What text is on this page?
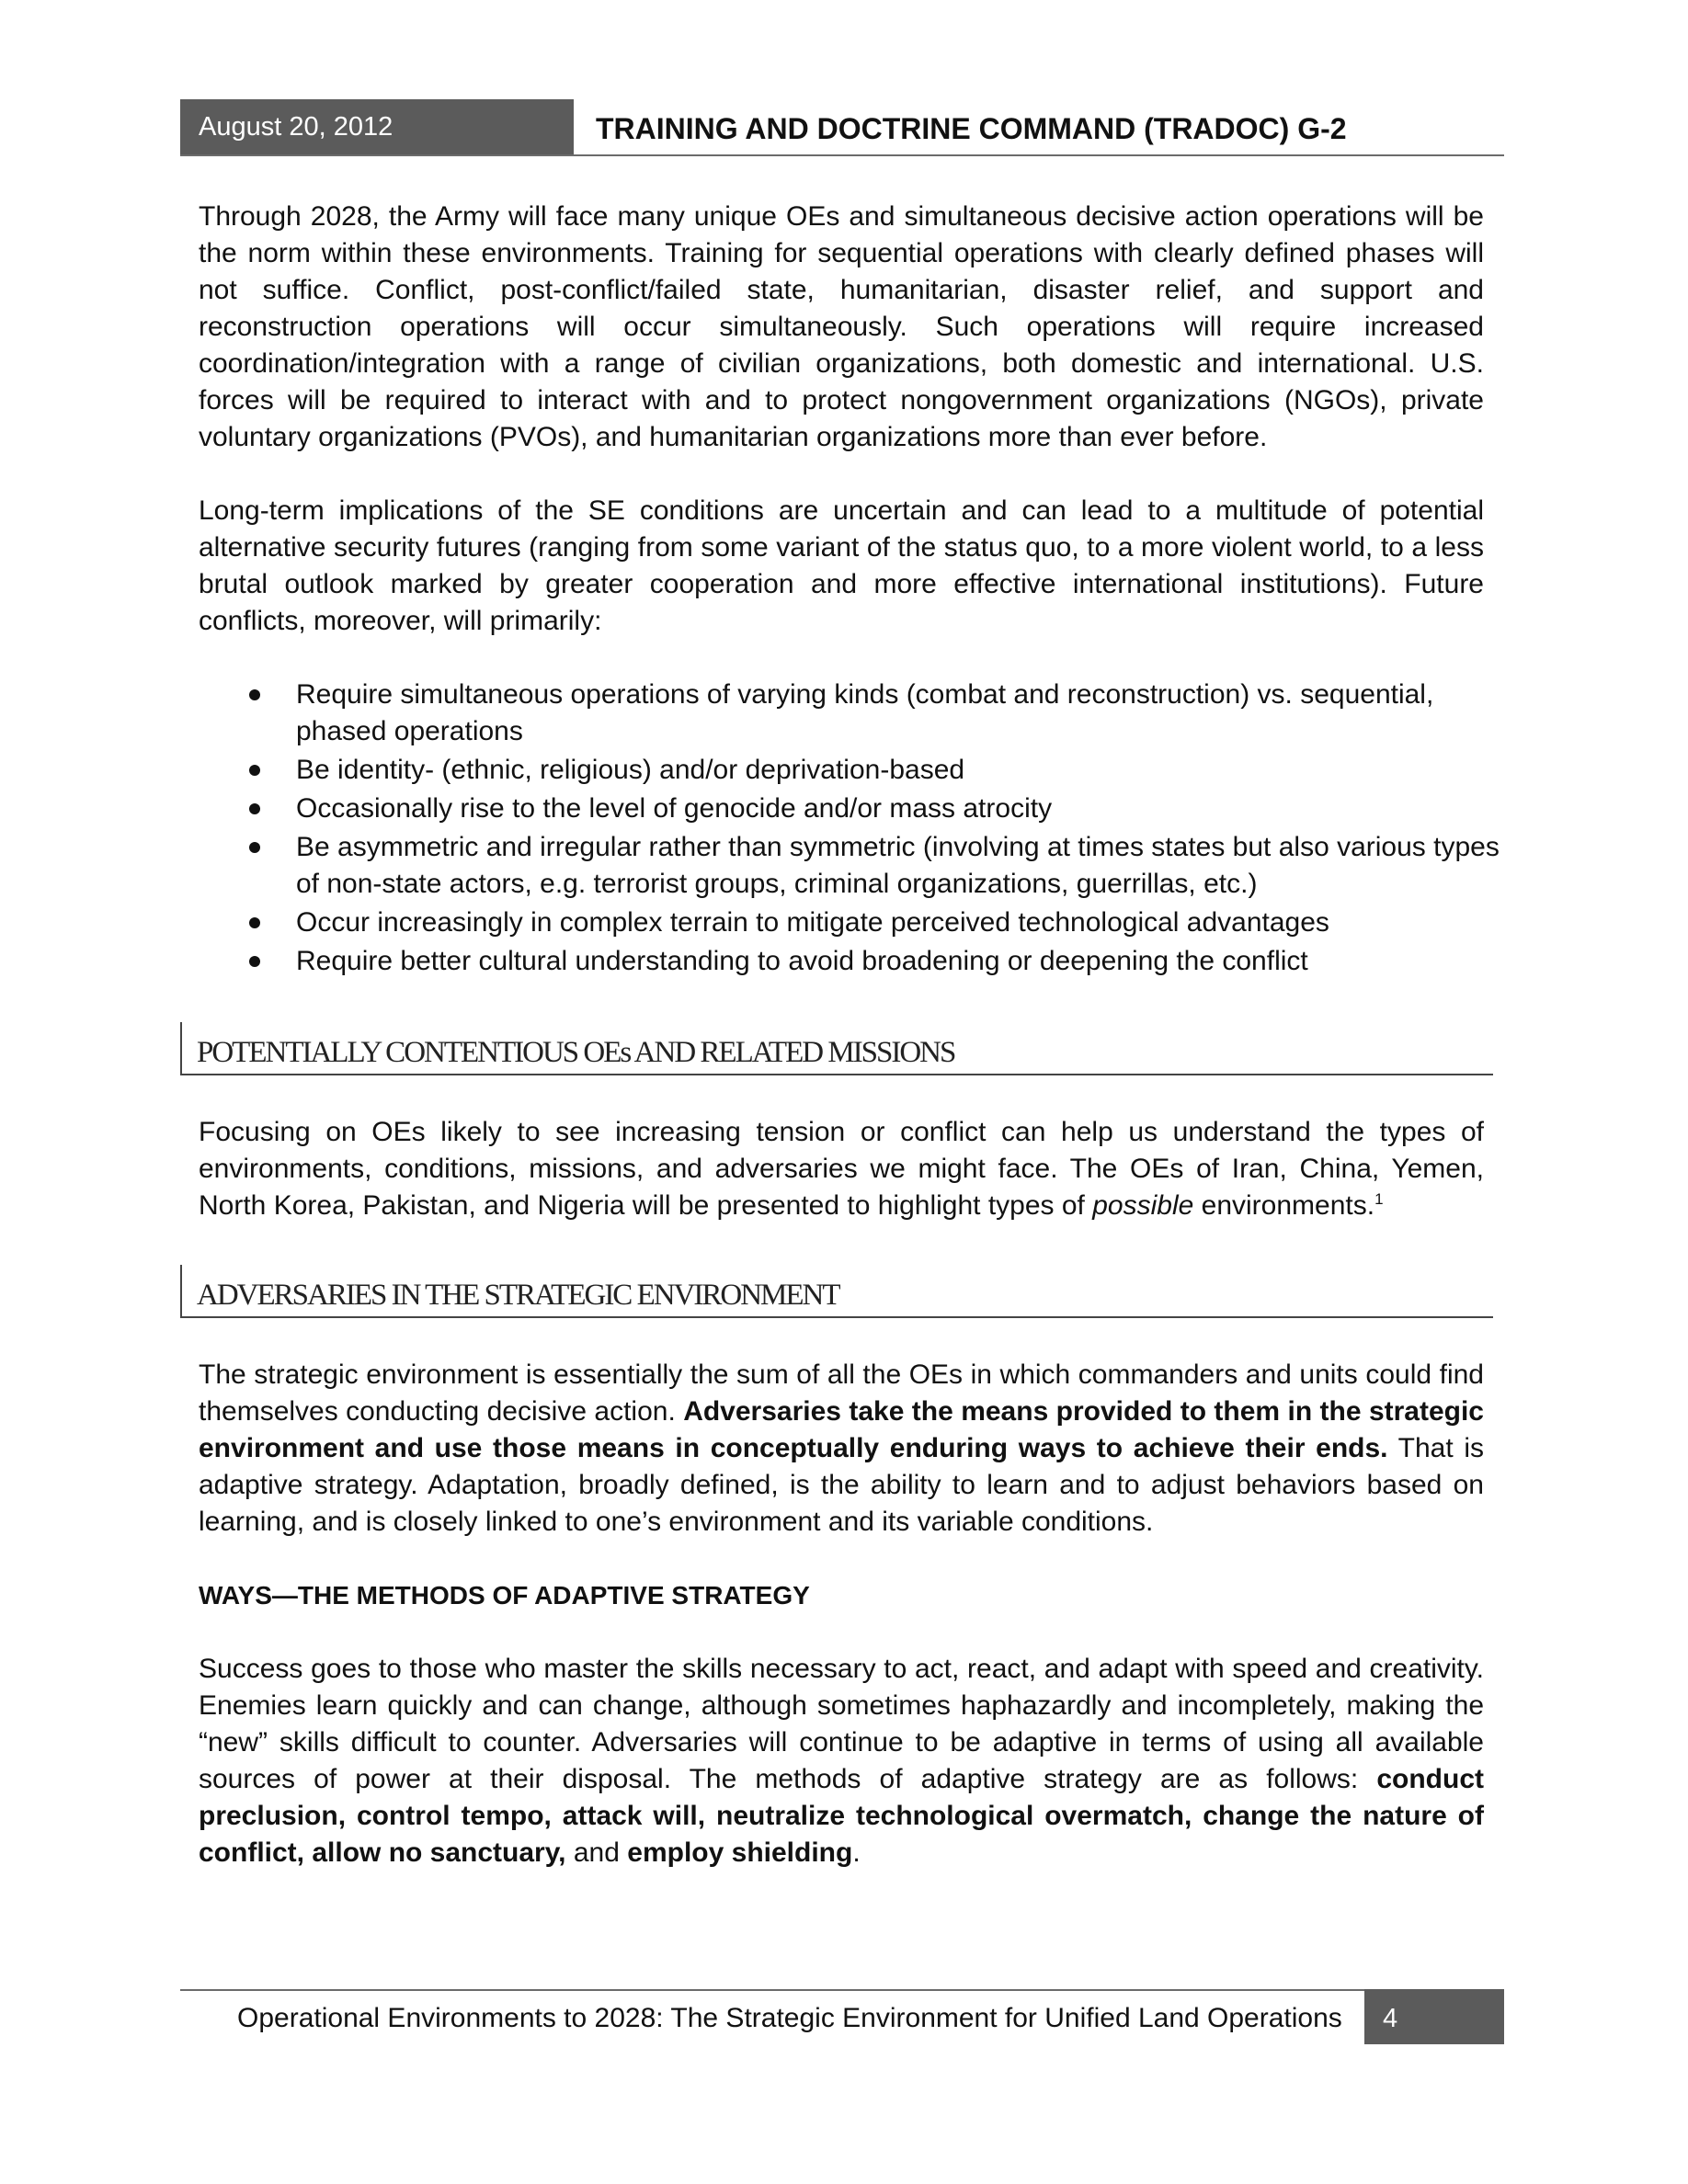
August 20, 2012	TRAINING AND DOCTRINE COMMAND (TRADOC) G-2

Through 2028, the Army will face many unique OEs and simultaneous decisive action operations will be the norm within these environments. Training for sequential operations with clearly defined phases will not suffice. Conflict, post-conflict/failed state, humanitarian, disaster relief, and support and reconstruction operations will occur simultaneously. Such operations will require increased coordination/integration with a range of civilian organizations, both domestic and international. U.S. forces will be required to interact with and to protect nongovernment organizations (NGOs), private voluntary organizations (PVOs), and humanitarian organizations more than ever before.

Long-term implications of the SE conditions are uncertain and can lead to a multitude of potential alternative security futures (ranging from some variant of the status quo, to a more violent world, to a less brutal outlook marked by greater cooperation and more effective international institutions). Future conflicts, moreover, will primarily:

Require simultaneous operations of varying kinds (combat and reconstruction) vs. sequential, phased operations
Be identity- (ethnic, religious) and/or deprivation-based
Occasionally rise to the level of genocide and/or mass atrocity
Be asymmetric and irregular rather than symmetric (involving at times states but also various types of non-state actors, e.g. terrorist groups, criminal organizations, guerrillas, etc.)
Occur increasingly in complex terrain to mitigate perceived technological advantages
Require better cultural understanding to avoid broadening or deepening the conflict
POTENTIALLY CONTENTIOUS OEs AND RELATED MISSIONS

Focusing on OEs likely to see increasing tension or conflict can help us understand the types of environments, conditions, missions, and adversaries we might face. The OEs of Iran, China, Yemen, North Korea, Pakistan, and Nigeria will be presented to highlight types of possible environments.$^1$

ADVERSARIES IN THE STRATEGIC ENVIRONMENT

The strategic environment is essentially the sum of all the OEs in which commanders and units could find themselves conducting decisive action. Adversaries take the means provided to them in the strategic environment and use those means in conceptually enduring ways to achieve their ends. That is adaptive strategy. Adaptation, broadly defined, is the ability to learn and to adjust behaviors based on learning, and is closely linked to one’s environment and its variable conditions.

WAYS—THE METHODS OF ADAPTIVE STRATEGY

Success goes to those who master the skills necessary to act, react, and adapt with speed and creativity. Enemies learn quickly and can change, although sometimes haphazardly and incompletely, making the “new” skills difficult to counter. Adversaries will continue to be adaptive in terms of using all available sources of power at their disposal. The methods of adaptive strategy are as follows: conduct preclusion, control tempo, attack will, neutralize technological overmatch, change the nature of conflict, allow no sanctuary, and employ shielding.

Operational Environments to 2028: The Strategic Environment for Unified Land Operations	4
